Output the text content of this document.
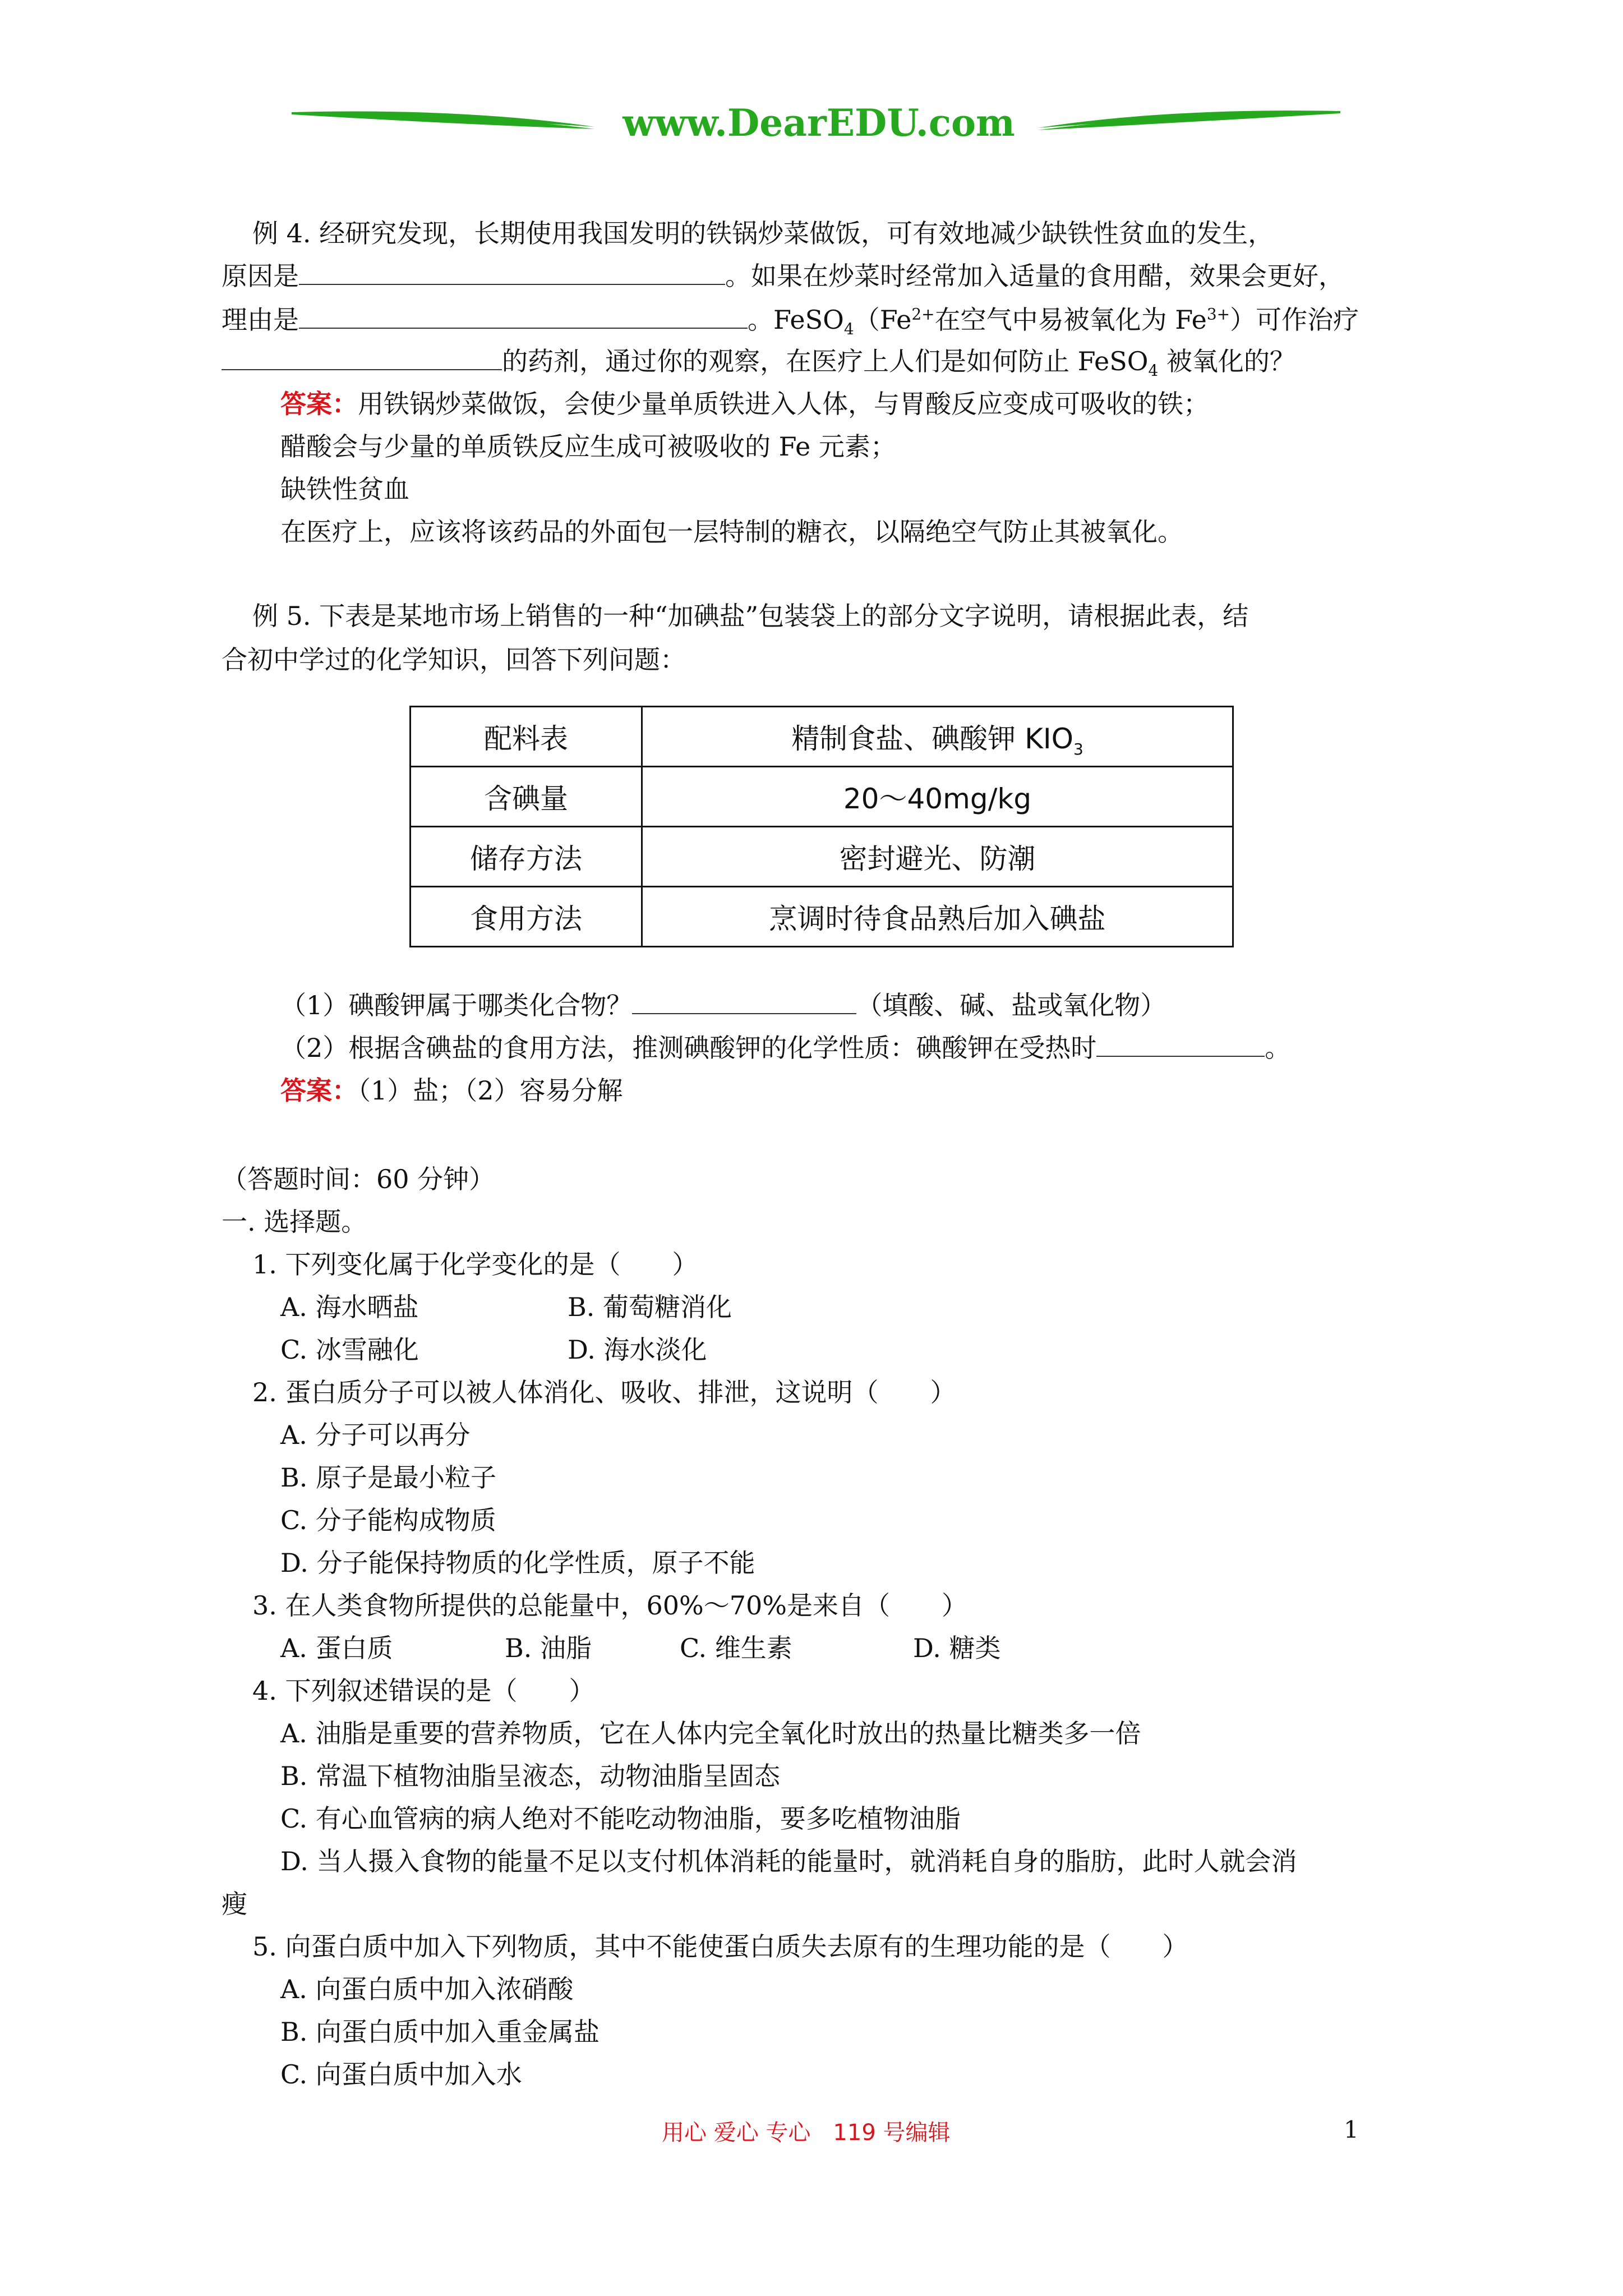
www.DearEDU.com
例 4. 经研究发现，长期使用我国发明的铁锅炒菜做饭，可有效地减少缺铁性贫血的发生，
原因是	。如果在炒菜时经常加入适量的食用醋，效果会更好，
理由是	。$FeSO_4(Fe^{2+}$在空气中易被氧化为 $Fe^{3+}$）可作治疗
的药剂，通过你的观察，在医疗上人们是如何防止 FeSO$_4$ 被氧化的？
答案：用铁锅炒菜做饭，会使少量单质铁进入人体，与胃酸反应变成可吸收的铁；
醋酸会与少量的单质铁反应生成可被吸收的 Fe 元素；
缺铁性贫血
在医疗上，应该将该药品的外面包一层特制的糖衣，以隔绝空气防止其被氧化。
例 5. 下表是某地市场上销售的一种“加碘盐”包装袋上的部分文字说明，请根据此表，结
合初中学过的化学知识，回答下列问题：
配料表	精制食盐、碘酸钾 $KIO_3$
含碘量	20～40mg/kg
储存方法	密封避光、防潮
食用方法	烹调时待食品熟后加入碘盐
（1）碘酸钾属于哪类化合物？	（填酸、碱、盐或氧化物）
（2）根据含碘盐的食用方法，推测碘酸钾的化学性质：碘酸钾在受热时	。
答案：（1）盐；（2）容易分解
（答题时间：60 分钟）
一. 选择题。
1. 下列变化属于化学变化的是（　　）
A. 海水晒盐	B. 葡萄糖消化
C. 冰雪融化	D. 海水淡化
2. 蛋白质分子可以被人体消化、吸收、排泄，这说明（　　）
A. 分子可以再分
B. 原子是最小粒子
C. 分子能构成物质
D. 分子能保持物质的化学性质，原子不能
3. 在人类食物所提供的总能量中，60%～70%是来自（　　）
A. 蛋白质	B. 油脂	C. 维生素	D. 糖类
4. 下列叙述错误的是（　　）
A. 油脂是重要的营养物质，它在人体内完全氧化时放出的热量比糖类多一倍
B. 常温下植物油脂呈液态，动物油脂呈固态
C. 有心血管病的病人绝对不能吃动物油脂，要多吃植物油脂
D. 当人摄入食物的能量不足以支付机体消耗的能量时，就消耗自身的脂肪，此时人就会消
瘦
5. 向蛋白质中加入下列物质，其中不能使蛋白质失去原有的生理功能的是（　　）
A. 向蛋白质中加入浓硝酸
B. 向蛋白质中加入重金属盐
C. 向蛋白质中加入水
用心 爱心 专心　119 号编辑	1
